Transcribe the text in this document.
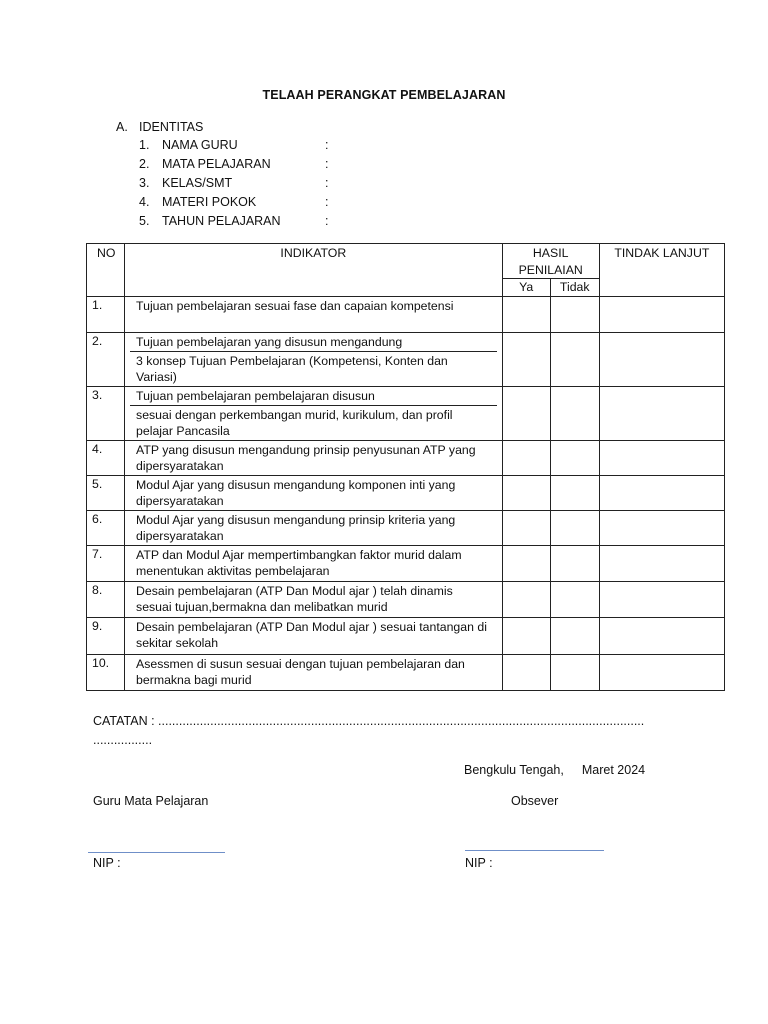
TELAAH PERANGKAT PEMBELAJARAN
A. IDENTITAS
1. NAMA GURU	:
2. MATA PELAJARAN	:
3. KELAS/SMT	:
4. MATERI POKOK	:
5. TAHUN PELAJARAN	:
NO	INDIKATOR	HASIL PENILAIAN		TINDAK LANJUT
		Ya	Tidak	
1.	Tujuan pembelajaran sesuai fase dan capaian kompetensi			

2.	Tujuan pembelajaran yang disusun mengandung
3 konsep Tujuan Pembelajaran (Kompetensi, Konten dan Variasi)			

3.	Tujuan pembelajaran pembelajaran disusun
sesuai dengan perkembangan murid, kurikulum, dan profil pelajar Pancasila			

4.	ATP yang disusun mengandung prinsip penyusunan ATP yang dipersyaratakan			

5.	Modul Ajar yang disusun mengandung komponen inti yang dipersyaratakan			

6.	Modul Ajar yang disusun mengandung prinsip kriteria yang dipersyaratakan			

7.	ATP dan Modul Ajar mempertimbangkan faktor murid dalam menentukan aktivitas pembelajaran			

8.	Desain pembelajaran (ATP Dan Modul ajar ) telah dinamis sesuai tujuan,bermakna dan melibatkan murid			

9.	Desain pembelajaran (ATP Dan Modul ajar ) sesuai tantangan di sekitar sekolah			

10.	Asessmen di susun sesuai dengan tujuan pembelajaran dan bermakna bagi murid			

CATATAN : ............................................................................................................................................ .................
Bengkulu Tengah, Maret 2024
Guru Mata Pelajaran	Obsever
NIP :	NIP :
